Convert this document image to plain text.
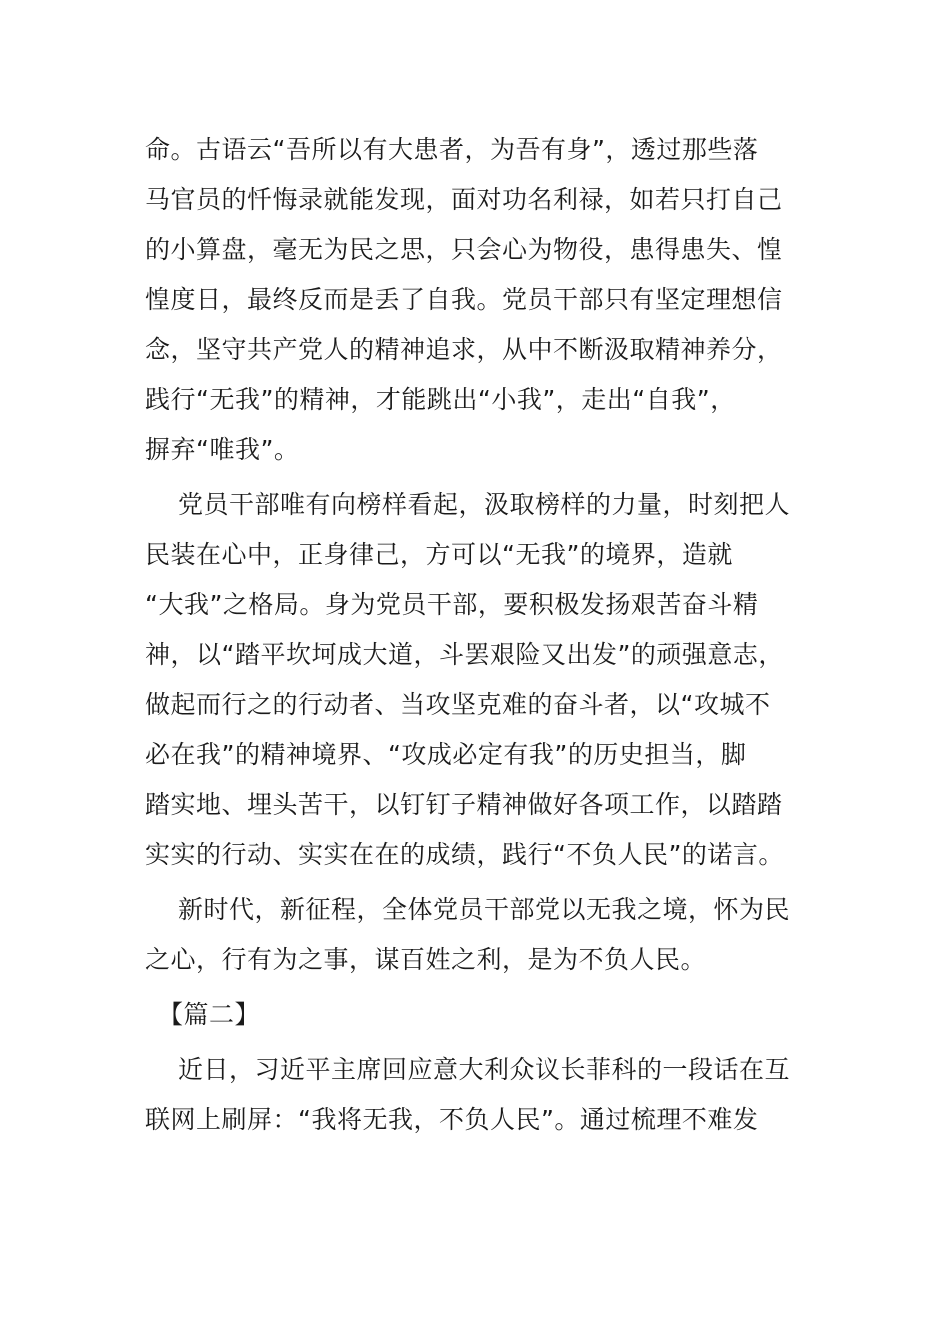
命。古语云“吾所以有大患者，为吾有身”，透过那些落
马官员的忏悔录就能发现，面对功名利禄，如若只打自己
的小算盘，毫无为民之思，只会心为物役，患得患失、惶
惶度日，最终反而是丢了自我。党员干部只有坚定理想信
念，坚守共产党人的精神追求，从中不断汲取精神养分，
践行“无我”的精神，才能跳出“小我”，走出“自我”，
摒弃“唯我”。
党员干部唯有向榜样看起，汲取榜样的力量，时刻把人
民装在心中，正身律己，方可以“无我”的境界，造就
“大我”之格局。身为党员干部，要积极发扬艰苦奋斗精
神，以“踏平坎坷成大道，斗罢艰险又出发”的顽强意志，
做起而行之的行动者、当攻坚克难的奋斗者，以“攻城不
必在我”的精神境界、“攻成必定有我”的历史担当，脚
踏实地、埋头苦干，以钉钉子精神做好各项工作，以踏踏
实实的行动、实实在在的成绩，践行“不负人民”的诺言。
新时代，新征程，全体党员干部党以无我之境，怀为民
之心，行有为之事，谋百姓之利，是为不负人民。
【篇二】
近日，习近平主席回应意大利众议长菲科的一段话在互
联网上刷屏：“我将无我，不负人民”。通过梳理不难发
